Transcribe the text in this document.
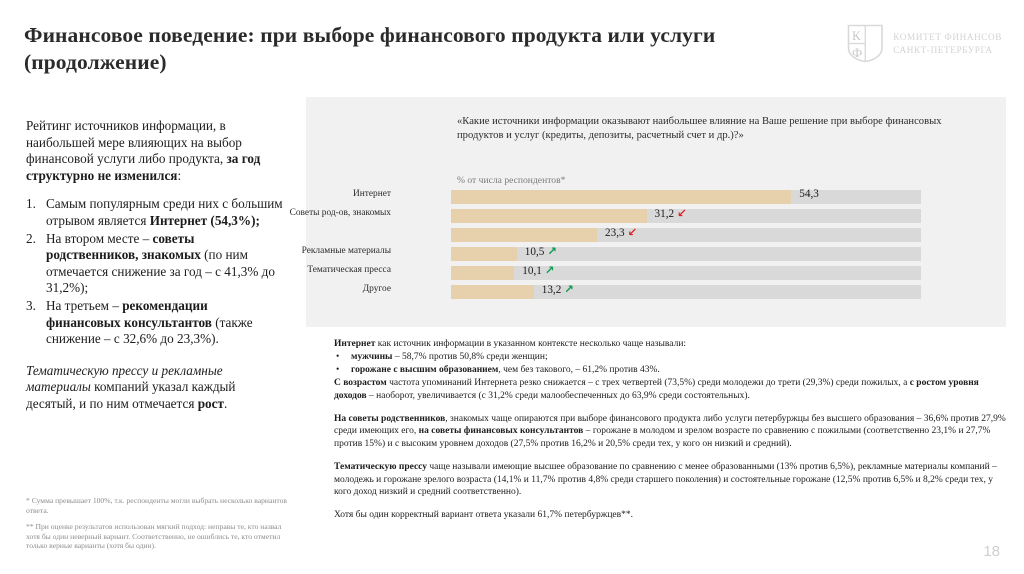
Финансовое поведение: при выборе финансового продукта или услуги (продолжение)
К
Ф
КОМИТЕТ ФИНАНСОВ
САНКТ-ПЕТЕРБУРГА
Рейтинг источников информации, в наибольшей мере влияющих на выбор финансовой услуги либо продукта, за год структурно не изменился:
1. Самым популярным среди них с большим отрывом является Интернет (54,3%);
2. На втором месте – советы родственников, знакомых (по ним отмечается снижение за год – с 41,3% до 31,2%);
3. На третьем – рекомендации финансовых консультантов (также снижение – с 32,6% до 23,3%).
Тематическую прессу и рекламные материалы компаний указал каждый десятый, и по ним отмечается рост.
* Сумма превышает 100%, т.к. респонденты могли выбрать несколько вариантов ответа.
** При оценке результатов использован мягкий подход: неправы те, кто назвал хотя бы один неверный вариант. Соответственно, не ошиблись те, кто отметил только верные варианты (хотя бы один).
«Какие источники информации оказывают наибольшее влияние на Ваше решение при выборе финансовых продуктов и услуг (кредиты, депозиты, расчетный счет и др.)?»
% от числа респондентов*
Интернет	54,3
Советы род-ов, знакомых	31,2 ↙
23,3 ↙
Рекламные материалы	10,5 ↗
Тематическая пресса	10,1 ↗
Другое	13,2 ↗
Интернет как источник информации в указанном контексте несколько чаще называли:
• мужчины – 58,7% против 50,8% среди женщин;
• горожане с высшим образованием, чем без такового, – 61,2% против 43%.
С возрастом частота упоминаний Интернета резко снижается – с трех четвертей (73,5%) среди молодежи до трети (29,3%) среди пожилых, а с ростом уровня доходов – наоборот, увеличивается (с 31,2% среди малообеспеченных до 63,9% среди состоятельных).
На советы родственников, знакомых чаще опираются при выборе финансового продукта либо услуги петербуржцы без высшего образования – 36,6% против 27,9% среди имеющих его, на советы финансовых консультантов – горожане в молодом и зрелом возрасте по сравнению с пожилыми (соответственно 23,1% и 27,7% против 15%) и с высоким уровнем доходов (27,5% против 16,2% и 20,5% среди тех, у кого он низкий и средний).
Тематическую прессу чаще называли имеющие высшее образование по сравнению с менее образованными (13% против 6,5%), рекламные материалы компаний – молодежь и горожане зрелого возраста (14,1% и 11,7% против 4,8% среди старшего поколения) и состоятельные горожане (12,5% против 6,5% и 8,2% среди тех, у кого доход низкий и средний соответственно).
Хотя бы один корректный вариант ответа указали 61,7% петербуржцев**.
18
